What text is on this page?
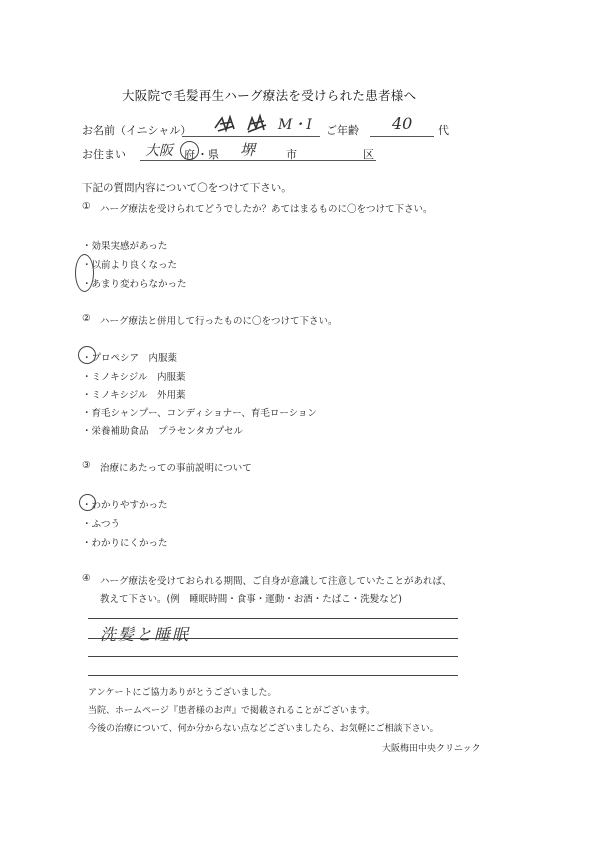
大阪院で毛髪再生ハーグ療法を受けられた患者様へ
お名前（イニシャル）	M・I ご年齢 40 代
お住まい 大阪 府 ・県 堺	市	区
下記の質問内容について〇をつけて下さい。
① ハーグ療法を受けられてどうでしたか？あてはまるものに〇をつけて下さい。
・効果実感があった
・以前より良くなった
・あまり変わらなかった
② ハーグ療法と併用して行ったものに〇をつけて下さい。
・プロペシア　内服薬
・ミノキシジル　内服薬
・ミノキシジル　外用薬
・育毛シャンプー、コンディショナー、育毛ローション
・栄養補助食品　プラセンタカプセル
③ 治療にあたっての事前説明について
・わかりやすかった
・ふつう
・わかりにくかった
④ ハーグ療法を受けておられる期間、ご自身が意識して注意していたことがあれば、
教えて下さい。(例　睡眠時間・食事・運動・お酒・たばこ・洗髪など)
洗髪と睡眠
アンケートにご協力ありがとうございました。
当院、ホームページ『患者様のお声』で掲載されることがございます。
今後の治療について、何か分からない点などございましたら、お気軽にご相談下さい。
大阪梅田中央クリニック
